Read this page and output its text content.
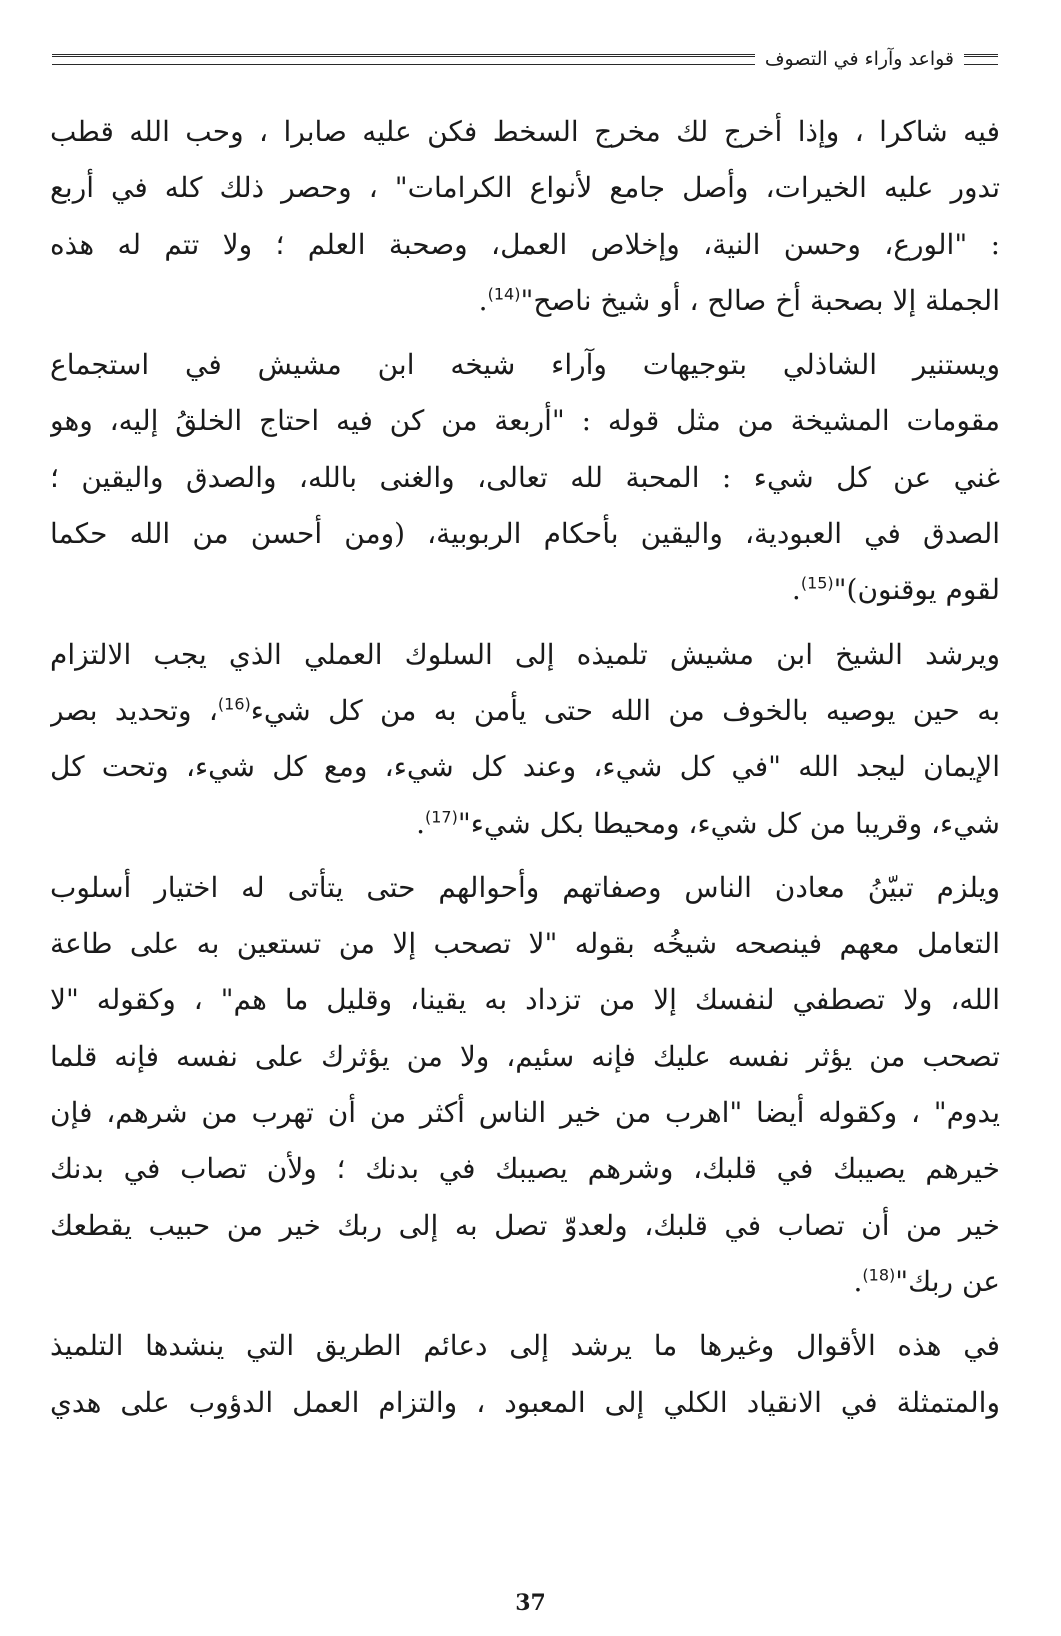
قواعد وآراء في التصوف
فيه شاكرا ، وإذا أخرج لك مخرج السخط فكن عليه صابرا ، وحب الله قطب
تدور عليه الخيرات، وأصل جامع لأنواع الكرامات" ، وحصر ذلك كله في أربع
: "الورع، وحسن النية، وإخلاص العمل، وصحبة العلم ؛ ولا تتم له هذه
الجملة إلا بصحبة أخ صالح ، أو شيخ ناصح"$^{(14)}$.
ويستنير الشاذلي بتوجيهات وآراء شيخه ابن مشيش في استجماع
مقومات المشيخة من مثل قوله : "أربعة من كن فيه احتاج الخلقُ إليه، وهو
غني عن كل شيء : المحبة لله تعالى، والغنى بالله، والصدق واليقين ؛
الصدق في العبودية، واليقين بأحكام الربوبية، (ومن أحسن من الله حكما
لقوم يوقنون)"$^{(15)}$.
ويرشد الشيخ ابن مشيش تلميذه إلى السلوك العملي الذي يجب الالتزام
به حين يوصيه بالخوف من الله حتى يأمن به من كل شيء$^{(16)}$، وتحديد بصر
الإيمان ليجد الله "في كل شيء، وعند كل شيء، ومع كل شيء، وتحت كل
شيء، وقريبا من كل شيء، ومحيطا بكل شيء"$^{(17)}$.
ويلزم تبيّنُ معادن الناس وصفاتهم وأحوالهم حتى يتأتى له اختيار أسلوب
التعامل معهم فينصحه شيخُه بقوله "لا تصحب إلا من تستعين به على طاعة
الله، ولا تصطفي لنفسك إلا من تزداد به يقينا، وقليل ما هم" ، وكقوله "لا
تصحب من يؤثر نفسه عليك فإنه سئيم، ولا من يؤثرك على نفسه فإنه قلما
يدوم" ، وكقوله أيضا "اهرب من خير الناس أكثر من أن تهرب من شرهم، فإن
خيرهم يصيبك في قلبك، وشرهم يصيبك في بدنك ؛ ولأن تصاب في بدنك
خير من أن تصاب في قلبك، ولعدوّ تصل به إلى ربك خير من حبيب يقطعك
عن ربك"$^{(18)}$.
في هذه الأقوال وغيرها ما يرشد إلى دعائم الطريق التي ينشدها التلميذ
والمتمثلة في الانقياد الكلي إلى المعبود ، والتزام العمل الدؤوب على هدي
37
